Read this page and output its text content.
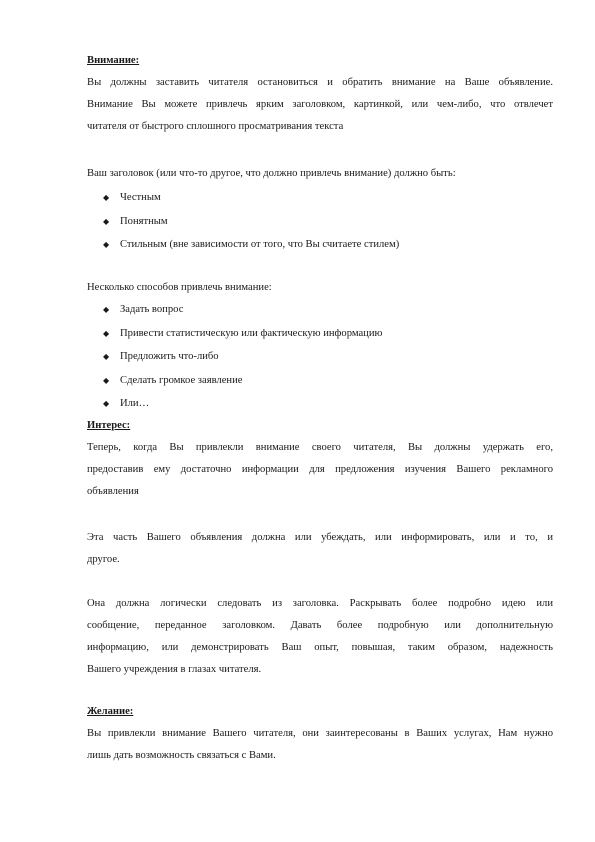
Внимание:
Вы должны заставить читателя остановиться и обратить внимание на Ваше объявление.
Внимание Вы можете привлечь ярким заголовком, картинкой, или чем-либо, что отвлечет
читателя от быстрого сплошного просматривания текста
Ваш заголовок (или что-то другое, что должно привлечь внимание) должно быть:
◆ Честным
◆ Понятным
◆ Стильным (вне зависимости от того, что Вы считаете стилем)
Несколько способов привлечь внимание:
◆ Задать вопрос
◆ Привести статистическую или фактическую информацию
◆ Предложить что-либо
◆ Сделать громкое заявление
◆ Или…
Интерес:
Теперь, когда Вы привлекли внимание своего читателя, Вы должны удержать его,
предоставив ему достаточно информации для предложения изучения Вашего рекламного
объявления
Эта часть Вашего объявления должна или убеждать, или информировать, или и то, и
другое.
Она должна логически следовать из заголовка. Раскрывать более подробно идею или
сообщение, переданное заголовком. Давать более подробную или дополнительную
информацию, или демонстрировать Ваш опыт, повышая, таким образом, надежность
Вашего учреждения в глазах читателя.
Желание:
Вы привлекли внимание Вашего читателя, они заинтересованы в Ваших услугах, Нам нужно
лишь дать возможность связаться с Вами.
